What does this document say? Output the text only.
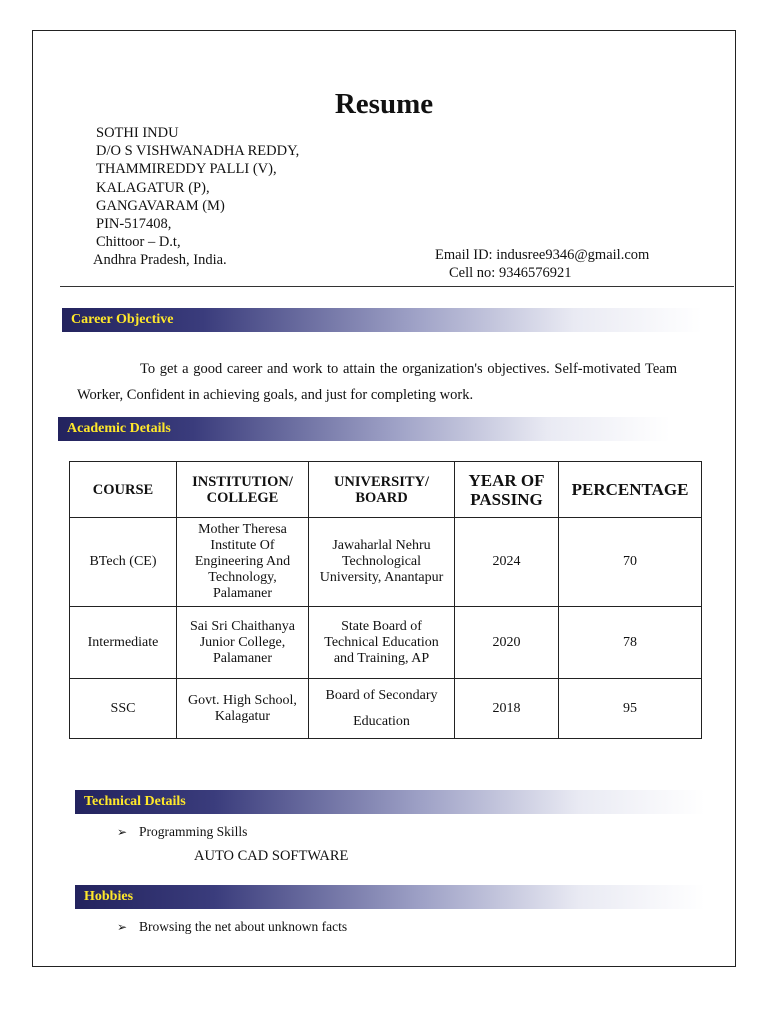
Resume
SOTHI INDU
D/O S VISHWANADHA REDDY,
THAMMIREDDY PALLI (V),
KALAGATUR (P),
GANGAVARAM (M)
PIN-517408,
Chittoor – D.t,
Andhra Pradesh, India.	Email ID: indusree9346@gmail.com
Cell no: 9346576921
Career Objective

To get a good career and work to attain the organization's objectives. Self-motivated Team Worker, Confident in achieving goals, and just for completing work.

Academic Details
COURSE	INSTITUTION/ COLLEGE	UNIVERSITY/ BOARD	YEAR OF PASSING	PERCENTAGE
BTech (CE)	Mother Theresa Institute Of Engineering And Technology, Palamaner	Jawaharlal Nehru Technological University, Anantapur	2024	70
Intermediate	Sai Sri Chaithanya Junior College, Palamaner	State Board of Technical Education and Training, AP	2020	78
SSC	Govt. High School, Kalagatur	Board of Secondary Education	2018	95
Technical Details
➢ Programming Skills
AUTO CAD SOFTWARE
Hobbies
➢ Browsing the net about unknown facts
